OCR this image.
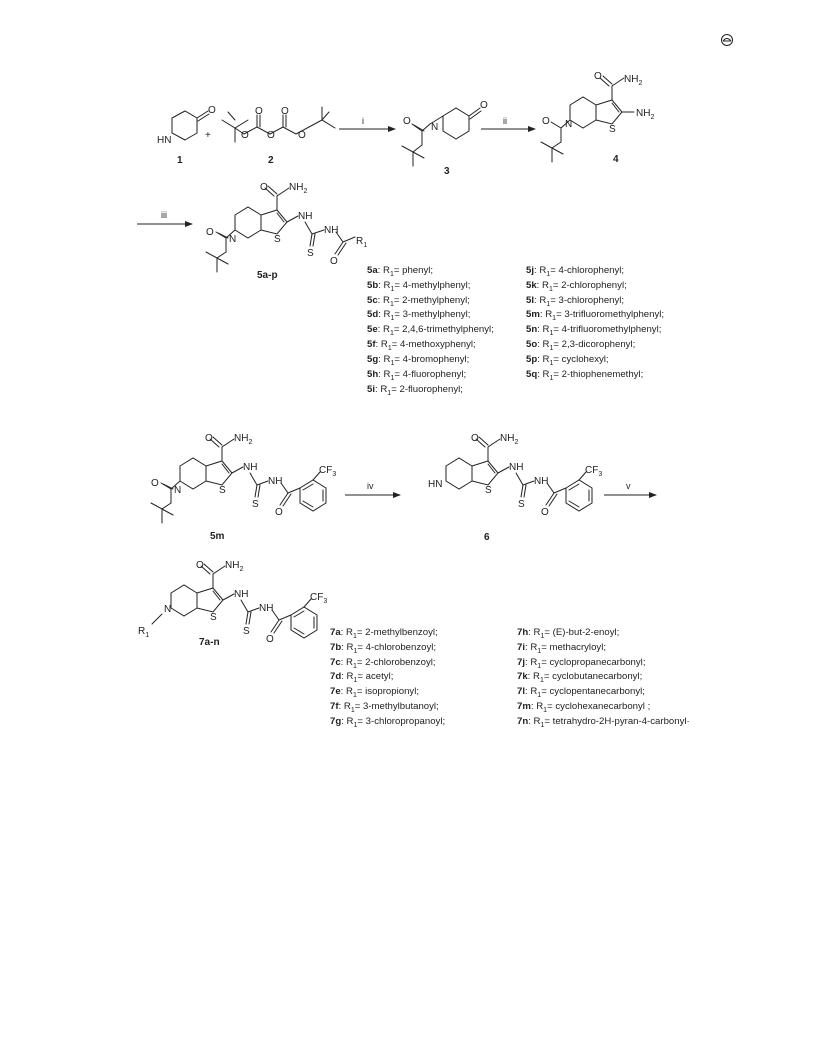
O
HN
1
+	O
O
O
O
O
2
i
O
O
N
3
ii
O $NH_2$
$NH_2$
S
O N
4
iii
O $NH_2$
S
NH
S
NH
O
$R_1$
O
N
5a-p
O $NH_2$
S
NH
S
NH
O
$CF_3$
O
N
5m
iv
O $NH_2$
S
HN
NH
S
NH
O
$CF_3$
6
v
O $NH_2$
S
N
$R_1$
NH
S
NH
O
$CF_3$
7a-n
5a: $R_1=$ phenyl;
5b: $R_1=$ 4-methylphenyl;
5c: $R_1=$ 2-methylphenyl;
5d: $R_1=$ 3-methylphenyl;
5e: $R_1=$ 2,4,6-trimethylphenyl;
5f: $R_1=$ 4-methoxyphenyl;
5g: $R_1=$ 4-bromophenyl;
5h: $R_1=$ 4-fluorophenyl;
5i: $R_1=$ 2-fluorophenyl;
5j: $R_1=$ 4-chlorophenyl;
5k: $R_1=$ 2-chlorophenyl;
5l: $R_1=$ 3-chlorophenyl;
5m: $R_1=$ 3-trifluoromethylphenyl;
5n: $R_1=$ 4-trifluoromethylphenyl;
5o: $R_1=$ 2,3-dicorophenyl;
5p: $R_1=$ cyclohexyl;
5q: $R_1=$ 2-thiophenemethyl;
7a: $R_1=$ 2-methylbenzoyl;
7b: $R_1=$ 4-chlorobenzoyl;
7c: $R_1=$ 2-chlorobenzoyl;
7d: $R_1=$ acetyl;
7e: $R_1=$ isopropionyl;
7f: $R_1=$ 3-methylbutanoyl;
7g: $R_1=$ 3-chloropropanoyl;
7h: $R_1=$ (E)-but-2-enoyl;
7i: $R_1=$ methacryloyl;
7j: $R_1=$ cyclopropanecarbonyl;
7k: $R_1=$ cyclobutanecarbonyl;
7l: $R_1=$ cyclopentanecarbonyl;
7m: $R_1=$ cyclohexanecarbonyl ;
7n: $R_1=$ tetrahydro-2H-pyran-4-carbonyl·
